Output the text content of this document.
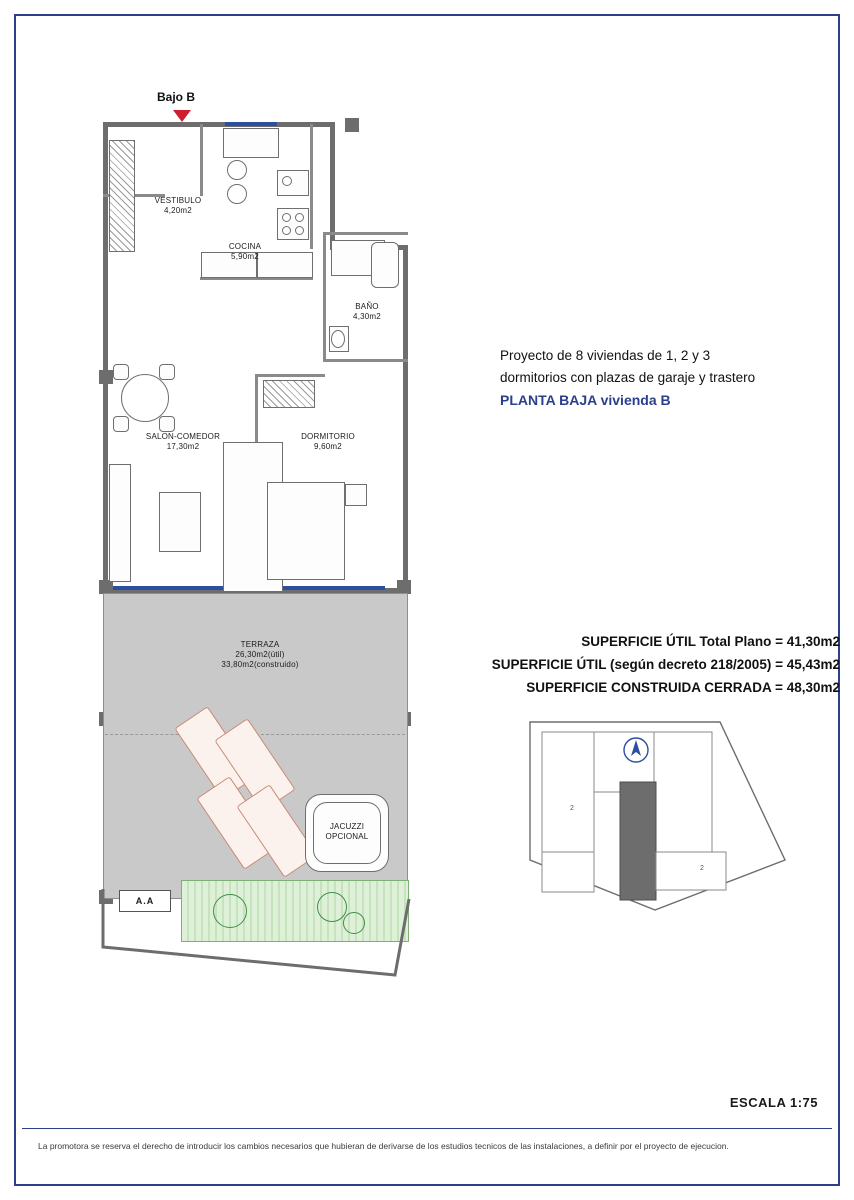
Bajo B
JACUZZI
OPCIONAL
A.A
VESTIBULO
4,20m2
COCINA
5,90m2
BAÑO
4,30m2
SALON-COMEDOR
17,30m2
DORMITORIO
9,60m2
TERRAZA
26,30m2(útil)
33,80m2(construido)
Proyecto de 8 viviendas de 1, 2 y 3
dormitorios con plazas de garaje y trastero
PLANTA BAJA vivienda B
SUPERFICIE ÚTIL Total Plano = 41,30m2
SUPERFICIE ÚTIL (según decreto 218/2005) = 45,43m2
SUPERFICIE CONSTRUIDA CERRADA = 48,30m2
2
2
ESCALA 1:75
La promotora se reserva el derecho de introducir los cambios necesarios que hubieran de derivarse de los estudios tecnicos de las instalaciones, a definir por el proyecto de ejecucion.
